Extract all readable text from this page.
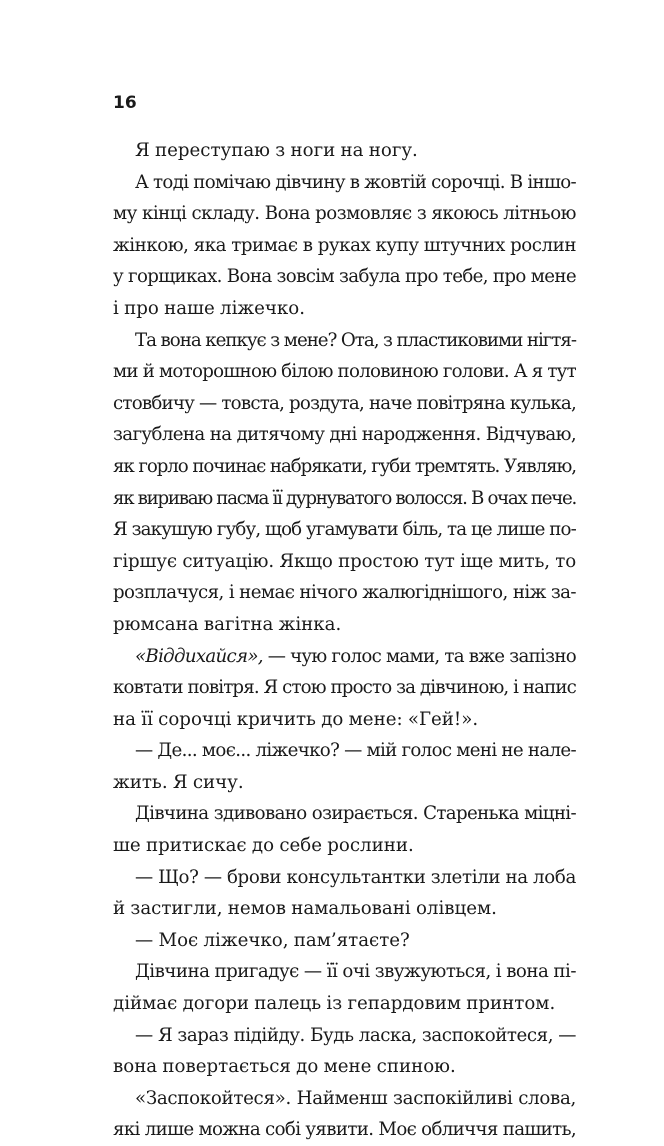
16
Я переступаю з ноги на ногу.
А тоді помічаю дівчину в жовтій сорочці. В іншо-
му кінці складу. Вона розмовляє з якоюсь літньою
жінкою, яка тримає в руках купу штучних рослин
у горщиках. Вона зовсім забула про тебе, про мене
і про наше ліжечко.
Та вона кепкує з мене? Ота, з пластиковими нігтя-
ми й моторошною білою половиною голови. А я тут
стовбичу — товста, роздута, наче повітряна кулька,
загублена на дитячому дні народження. Відчуваю,
як горло починає набрякати, губи тремтять. Уявляю,
як вириваю пасма її дурнуватого волосся. В очах пече.
Я закушую губу, щоб угамувати біль, та це лише по-
гіршує ситуацію. Якщо простою тут іще мить, то
розплачуся, і немає нічого жалюгіднішого, ніж за-
рюмсана вагітна жінка.
«Віддихайся», — чую голос мами, та вже запізно
ковтати повітря. Я стою просто за дівчиною, і напис
на її сорочці кричить до мене: «Гей!».
— Де... моє... ліжечко? — мій голос мені не нале-
жить. Я сичу.
Дівчина здивовано озирається. Старенька міцні-
ше притискає до себе рослини.
— Що? — брови консультантки злетіли на лоба
й застигли, немов намальовані олівцем.
— Моє ліжечко, пам’ятаєте?
Дівчина пригадує — її очі звужуються, і вона пі-
діймає догори палець із гепардовим принтом.
— Я зараз підійду. Будь ласка, заспокойтеся, —
вона повертається до мене спиною.
«Заспокойтеся». Найменш заспокійливі слова,
які лише можна собі уявити. Моє обличчя пашить,
